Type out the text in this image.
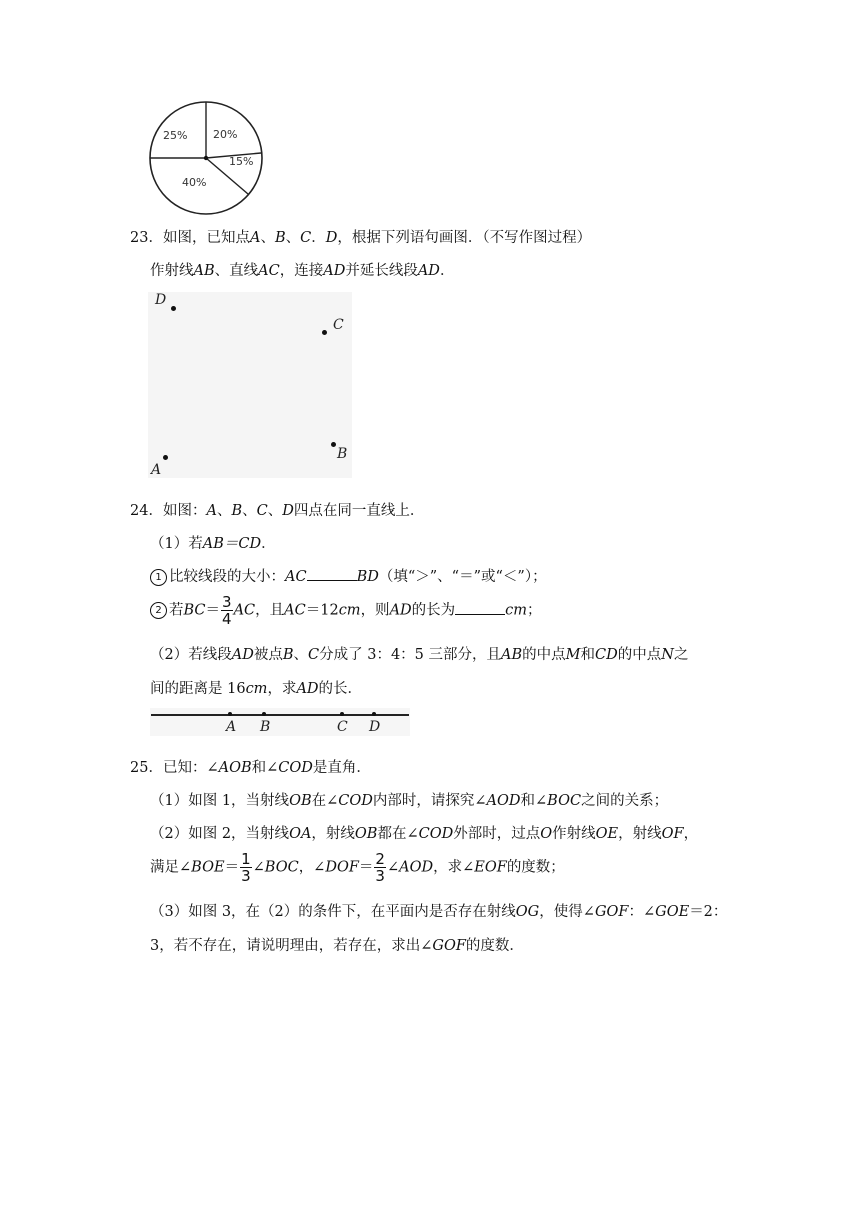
25% 20%
15%
40%
23．如图，已知点A、B、C．D，根据下列语句画图．（不写作图过程）
作射线AB、直线AC，连接AD并延长线段AD．
D
C
A
B
24．如图：A、B、C、D四点在同一直线上．
（1）若AB＝CD．
1 比较线段的大小：AC	BD（填“＞”、“＝”或“＜”）；
2 若$BC= \frac{3}{4}$ AC，且AC＝12cm，则AD的长为	cm；
（2）若线段AD被点B、C分成了 3：4：5 三部分，且AB的中点M和CD的中点N之
间的距离是 16cm，求AD的长．
A B	C D
25．已知：∠AOB和∠COD是直角．
（1）如图 1，当射线OB在∠COD内部时，请探究∠AOD和∠BOC之间的关系；
（2）如图 2，当射线OA，射线OB都在∠COD外部时，过点O作射线OE，射线OF，
满足∠BOE＝ $\frac{1}{3}$ ∠BOC，∠DOF＝ $\frac{2}{3}$ ∠AOD，求∠EOF的度数；
（3）如图 3，在（2）的条件下，在平面内是否存在射线OG，使得∠GOF：∠GOE＝2：
3，若不存在，请说明理由，若存在，求出∠GOF的度数．
